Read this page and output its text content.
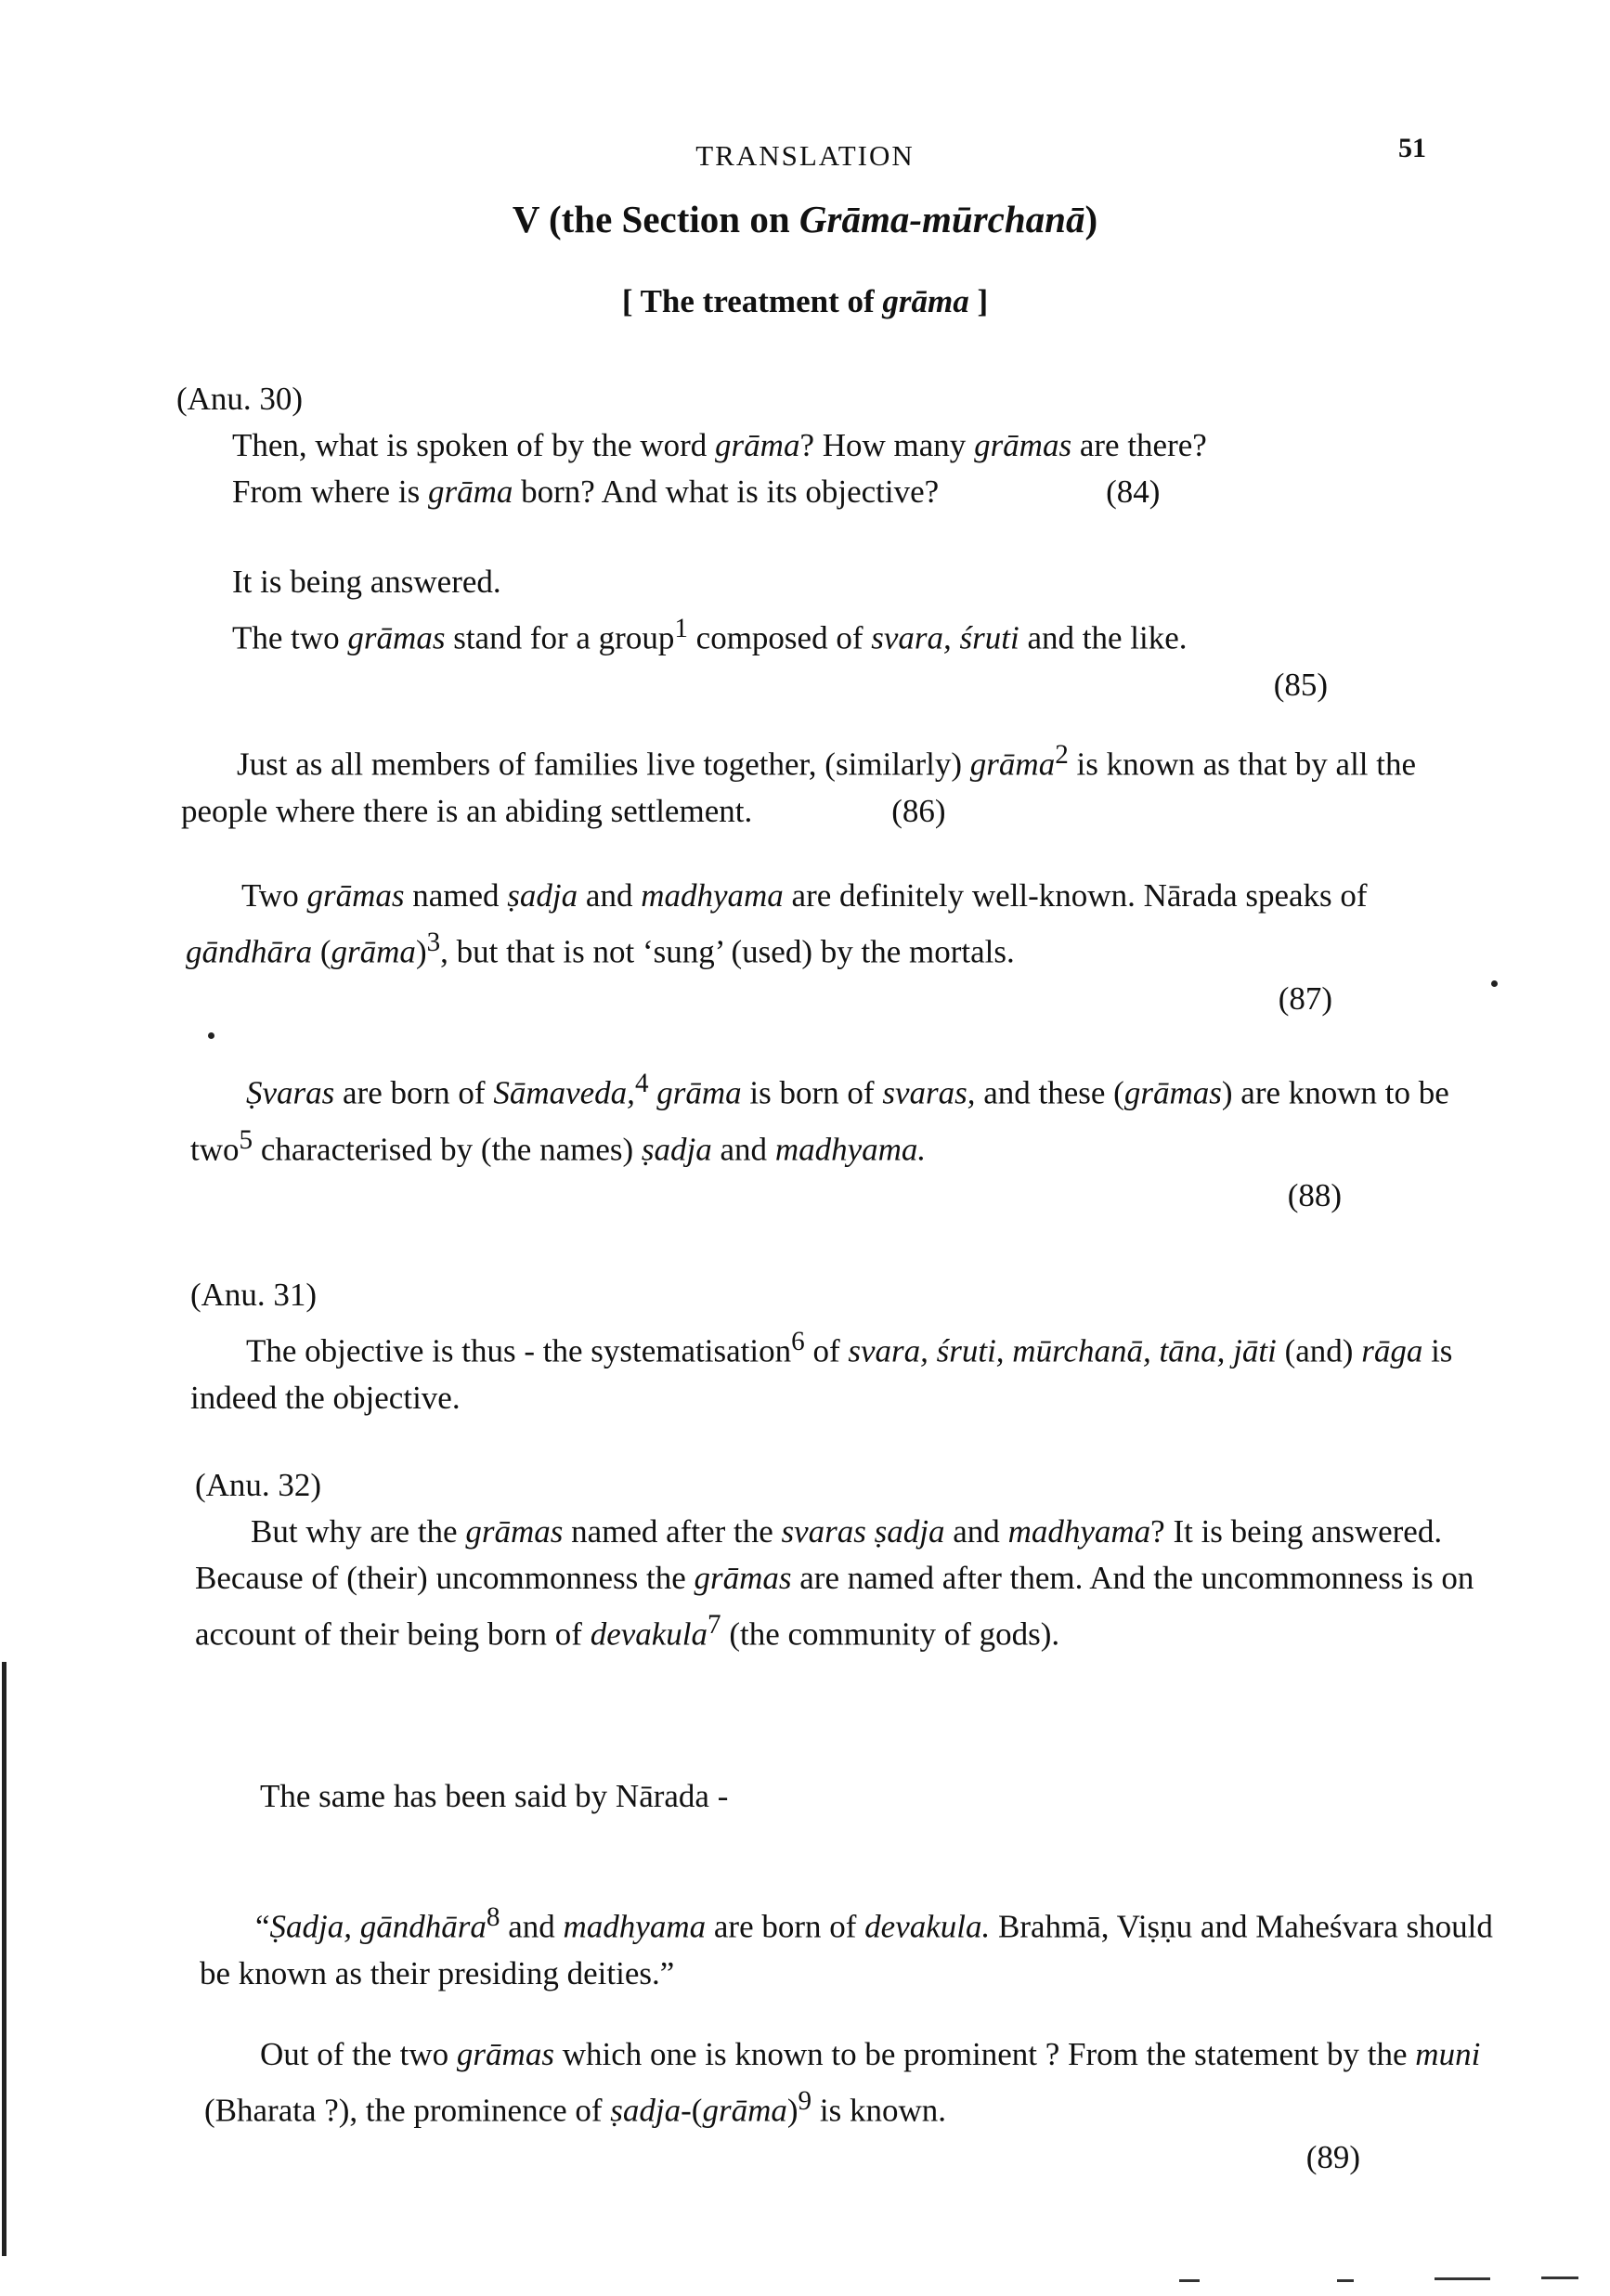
TRANSLATION	51
V (the Section on Grāma-mūrchanā)
[ The treatment of grāma ]

(Anu. 30)

Then, what is spoken of by the word grāma? How many grāmas are there?

From where is grāma born? And what is its objective?	(84)

It is being answered.

The two grāmas stand for a group$^1$ composed of svara, śruti and the like.

(85)

Just as all members of families live together, (similarly) grāma$^2$ is known as that by all the people where there is an abiding settlement.	(86)

Two grāmas named ṣadja and madhyama are definitely well-known. Nārada speaks of gāndhāra (grāma)$^3$, but that is not ‘sung’ (used) by the mortals.

(87)

Ṣvaras are born of Sāmaveda,$^4$ grāma is born of svaras, and these (grāmas) are known to be two$^5$ characterised by (the names) ṣadja and madhyama.

(88)

(Anu. 31)

The objective is thus - the systematisation$^6$ of svara, śruti, mūrchanā, tāna, jāti (and) rāga is indeed the objective.

(Anu. 32)

But why are the grāmas named after the svaras ṣadja and madhyama? It is being answered. Because of (their) uncommonness the grāmas are named after them. And the uncommonness is on account of their being born of devakula$^7$ (the community of gods).

The same has been said by Nārada -

“Ṣadja, gāndhāra$^8$ and madhyama are born of devakula. Brahmā, Viṣṇu and Maheśvara should be known as their presiding deities.”

Out of the two grāmas which one is known to be prominent ? From the statement by the muni (Bharata ?), the prominence of ṣadja-(grāma)$^9$ is known.

(89)
